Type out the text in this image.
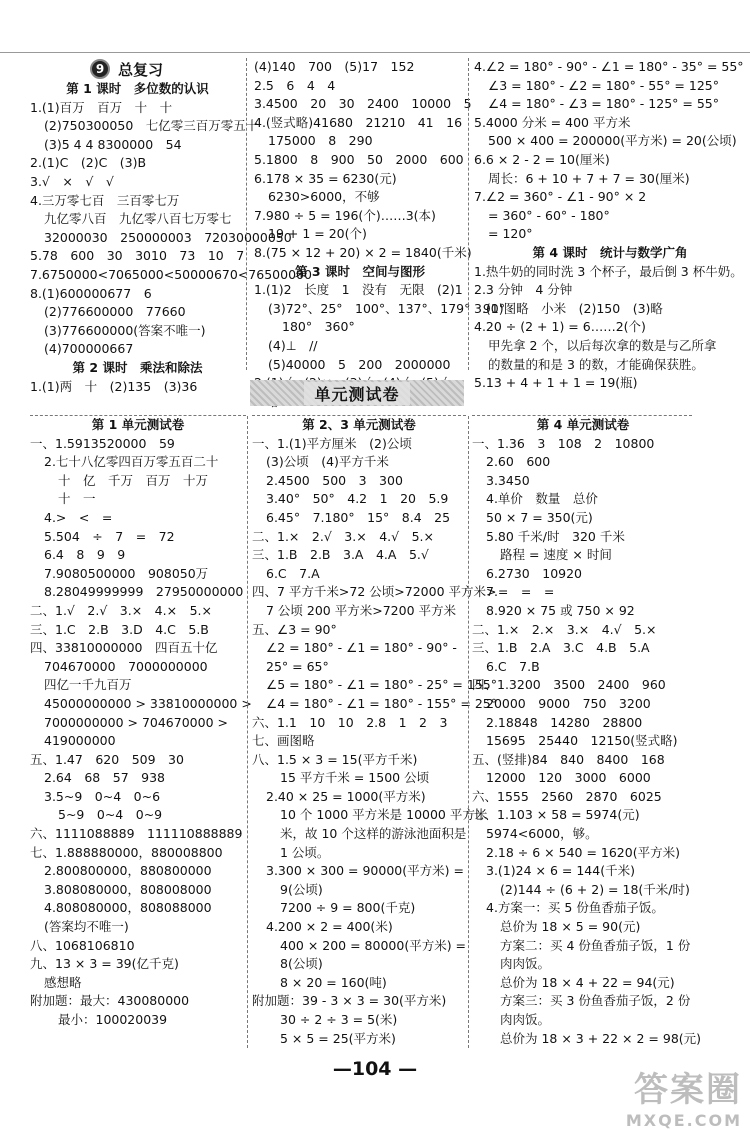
9 总复习
第 1 课时　多位数的认识
1.(1)百万　百万　十　十
(2)750300050　七亿零三百万零五十
(3)5 4 4 8300000　54
2.(1)C　(2)C　(3)B
3.√　×　√　√
4.三万零七百　三百零七万
九亿零八百　九亿零八百七万零七
32000030　250000003　72030000050
5.78　600　30　3010　73　10　7
7.6750000<7065000<50000670<76500000
8.(1)600000677　6
(2)776600000　77660
(3)776600000(答案不唯一)
(4)700000667
第 2 课时　乘法和除法
1.(1)两　十　(2)135　(3)36
(4)140　700　(5)17　152
2.5　6　4　4
3.4500　20　30　2400　10000　5
4.(竖式略)41680　21210　41　16
175000　8　290
5.1800　8　900　50　2000　600
6.178 × 35 = 6230(元)
6230>6000，不够
7.980 ÷ 5 = 196(个)……3(本)
19 + 1 = 20(个)
8.(75 × 12 + 20) × 2 = 1840(千米)
第 3 课时　空间与图形
1.(1)2　长度　1　没有　无限　(2)1
(3)72°、25°　100°、137°、179°　90°
180°　360°
(4)⊥　//
(5)40000　5　200　2000000
4.∠2 = 180° - 90° - ∠1 = 180° - 35° = 55°
∠3 = 180° - ∠2 = 180° - 55° = 125°
∠4 = 180° - ∠3 = 180° - 125° = 55°
5.4000 分米 = 400 平方米
500 × 400 = 200000(平方米) = 20(公顷)
6.6 × 2 - 2 = 10(厘米)
周长：6 + 10 + 7 + 7 = 30(厘米)
7.∠2 = 360° - ∠1 - 90° × 2
= 360° - 60° - 180°
= 120°
第 4 课时　统计与数学广角
1.热牛奶的同时洗 3 个杯子，最后倒 3 杯牛奶。
2.3 分钟　4 分钟
3.(1)图略　小米　(2)150　(3)略
4.20 ÷ (2 + 1) = 6……2(个)
甲先拿 2 个，以后每次拿的数是与乙所拿
的数量的和是 3 的数，才能确保获胜。
5.13 + 4 + 1 + 1 = 19(瓶)
单元测试卷
第 1 单元测试卷
一、1.5913520000　59
2.七十八亿零四百万零五百二十
十　亿　千万　百万　十万
十　一
4.>　<　=
5.504　÷　7　=　72
6.4　8　9　9
7.9080500000　908050万
8.28049999999　27950000000
二、1.√　2.√　3.×　4.×　5.×
三、1.C　2.B　3.D　4.C　5.B
四、33810000000　四百五十亿
704670000　7000000000
四亿一千九百万
45000000000 > 33810000000 >
7000000000 > 704670000 >
419000000
五、1.47　620　509　30
2.64　68　57　938
3.5~9　0~4　0~6
5~9　0~4　0~9
六、1111088889　111110888889
七、1.888880000，880008800
2.800800000，880800000
3.808080000，808008000
4.808080000，808088000
(答案均不唯一)
八、1068106810
九、13 × 3 = 39(亿千克)
感想略
附加题：最大：430080000
最小：100020039
第 2、3 单元测试卷
一、1.(1)平方厘米　(2)公顷
(3)公顷　(4)平方千米
2.4500　500　3　300
3.40°　50°　4.2　1　20　5.9
6.45°　7.180°　15°　8.4　25
二、1.×　2.√　3.×　4.√　5.×
三、1.B　2.B　3.A　4.A　5.√
6.C　7.A
四、7 平方千米>72 公顷>72000 平方米>
7 公顷 200 平方米>7200 平方米
五、∠3 = 90°
∠2 = 180° - ∠1 = 180° - 90° -
25° = 65°
∠5 = 180° - ∠1 = 180° - 25° = 155°
∠4 = 180° - ∠1 = 180° - 155° = 25°
六、1.1　10　10　2.8　1　2　3
七、画图略
八、1.5 × 3 = 15(平方千米)
15 平方千米 = 1500 公顷
2.40 × 25 = 1000(平方米)
10 个 1000 平方米是 10000 平方米
米，故 10 个这样的游泳池面积是
1 公顷。
3.300 × 300 = 90000(平方米) =
9(公顷)
7200 ÷ 9 = 800(千克)
4.200 × 2 = 400(米)
400 × 200 = 80000(平方米) =
8(公顷)
8 × 20 = 160(吨)
附加题：39 - 3 × 3 = 30(平方米)
30 ÷ 2 ÷ 3 = 5(米)
5 × 5 = 25(平方米)
第 4 单元测试卷
一、1.36　3　108　2　10800
2.60　600
3.3450
4.单价　数量　总价
50 × 7 = 350(元)
5.80 千米/时　320 千米
路程 = 速度 × 时间
6.2730　10920
7.=　=　=
8.920 × 75 或 750 × 92
二、1.×　2.×　3.×　4.√　5.×
三、1.B　2.A　3.C　4.B　5.A
6.C　7.B
四、1.3200　3500　2400　960
20000　9000　750　3200
2.18848　14280　28800
15695　25440　12150(竖式略)
五、(竖排)84　840　8400　168
12000　120　3000　6000
六、1555　2560　2870　6025
七、1.103 × 58 = 5974(元)
5974<6000，够。
2.18 ÷ 6 × 540 = 1620(平方米)
3.(1)24 × 6 = 144(千米)
(2)144 ÷ (6 + 2) = 18(千米/时)
4.方案一：买 5 份鱼香茄子饭。
总价为 18 × 5 = 90(元)
方案二：买 4 份鱼香茄子饭，1 份
肉肉饭。
总价为 18 × 4 + 22 = 94(元)
方案三：买 3 份鱼香茄子饭，2 份
肉肉饭。
总价为 18 × 3 + 22 × 2 = 98(元)
—104 —
答案圈
MXQE.COM
